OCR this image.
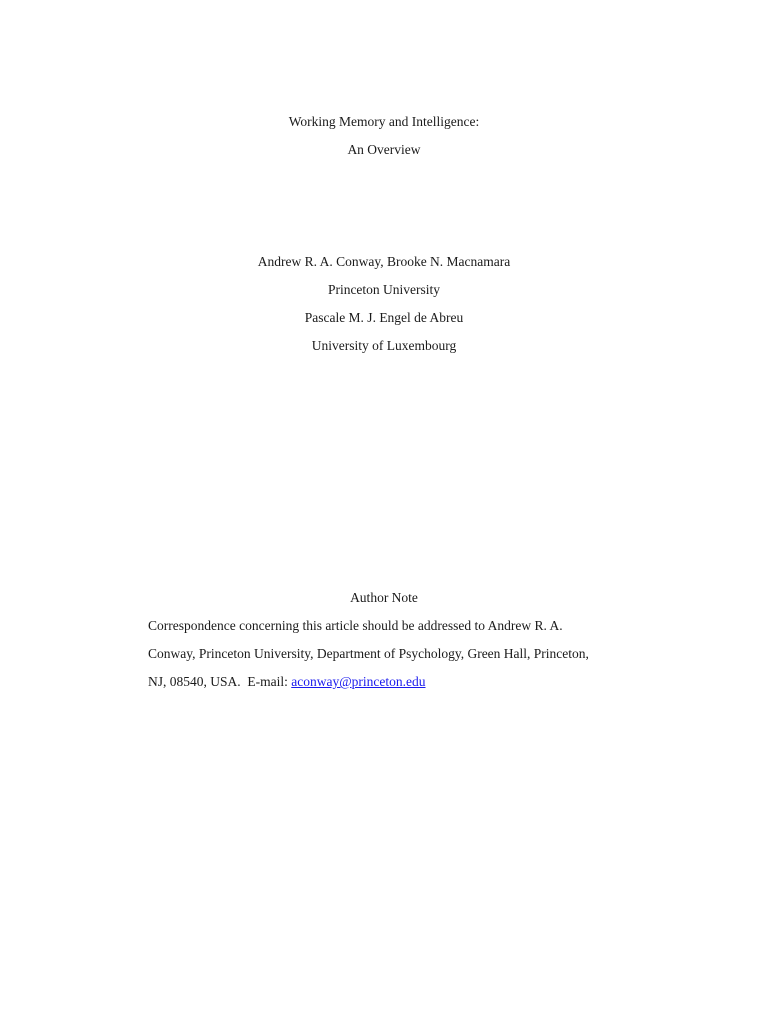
Working Memory and Intelligence:
An Overview
Andrew R. A. Conway, Brooke N. Macnamara
Princeton University
Pascale M. J. Engel de Abreu
University of Luxembourg
Author Note
Correspondence concerning this article should be addressed to Andrew R. A.
Conway, Princeton University, Department of Psychology, Green Hall, Princeton,
NJ, 08540, USA.  E-mail: aconway@princeton.edu
